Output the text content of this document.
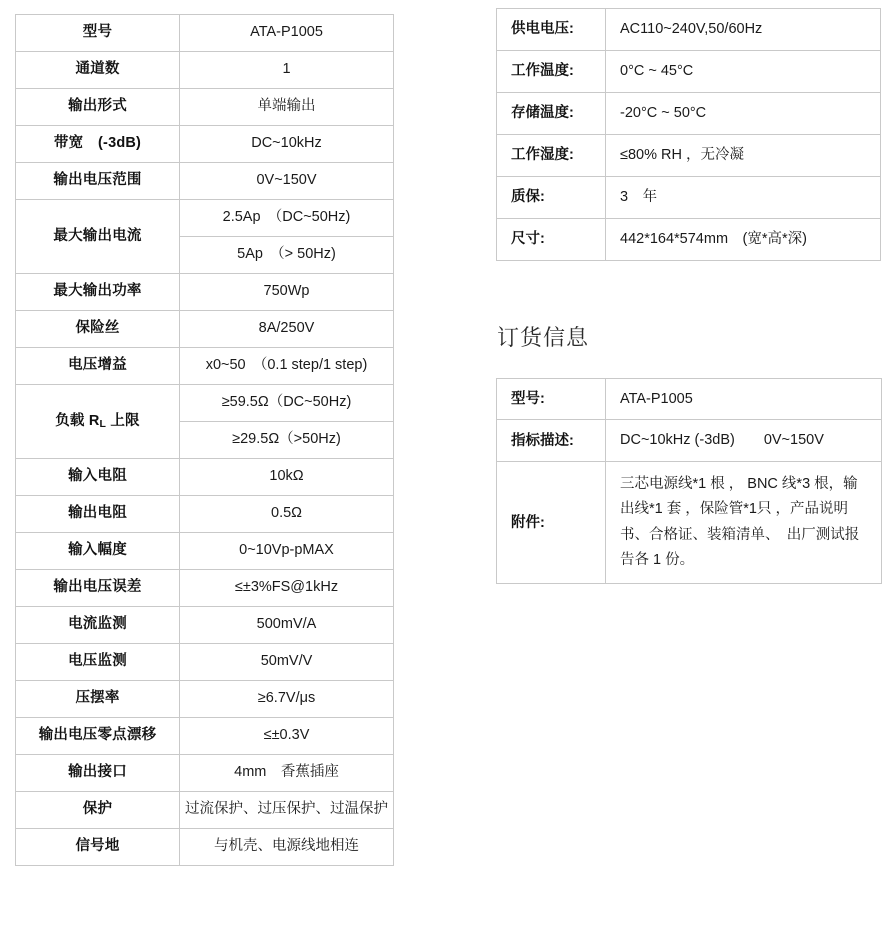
型号	ATA-P1005
通道数	1
输出形式	单端输出
带宽　(-3dB)	DC~10kHz
输出电压范围	0V~150V
最大输出电流	2.5Ap　（DC~50Hz)
	5Ap　（> 50Hz)
最大输出功率	750Wp
保险丝	8A/250V
电压增益	x0~50　（0.1 step/1 step)
负载 $R_L$ 上限	≥59.5Ω（DC~50Hz)
	≥29.5Ω（>50Hz)
输入电阻	10kΩ
输出电阻	0.5Ω
输入幅度	0~10Vp-pMAX
输出电压误差	≤±3%FS@1kHz
电流监测	500mV/A
电压监测	50mV/V
压摆率	≥6.7V/μs
输出电压零点漂移	≤±0.3V
输出接口	4mm　香蕉插座
保护	过流保护、过压保护、过温保护
信号地	与机壳、电源线地相连
供电电压:	AC110~240V,50/60Hz
工作温度:	0°C ~ 45°C
存储温度:	-20°C ~ 50°C
工作湿度:	≤80% RH ，无冷凝
质保:	3　年
尺寸:	442*164*574mm　(宽*高*深)
订货信息
型号:	ATA-P1005
指标描述:	DC~10kHz (-3dB)　　0V~150V
附件:	三芯电源线*1 根 ， BNC 线*3 根，输出线*1 套 ，保险管*1只 ，产品说明书、合格证、装箱清单、　出厂测试报告各 1 份。
